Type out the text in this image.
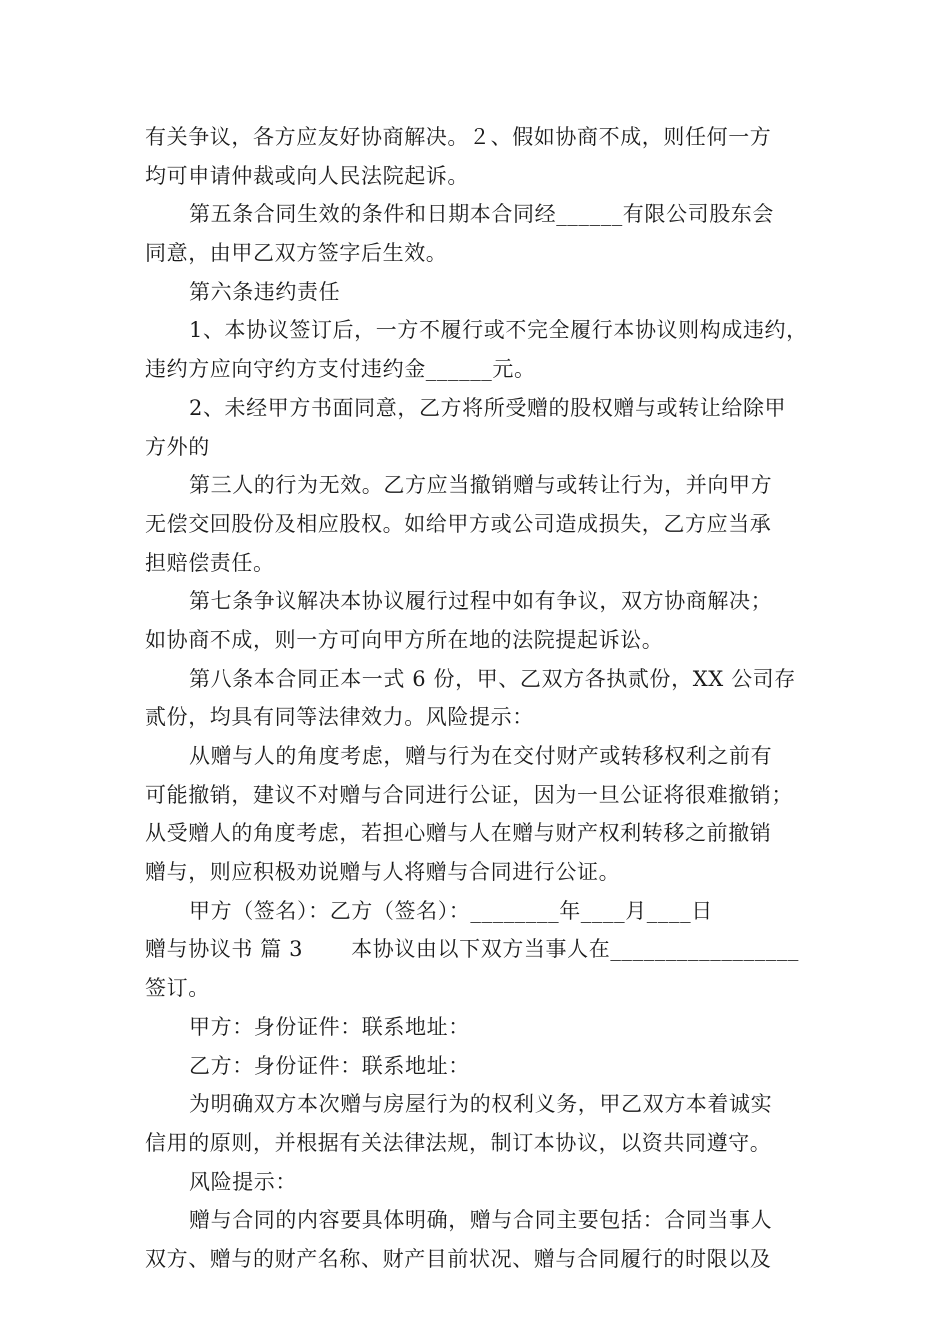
有关争议，各方应友好协商解决。２、假如协商不成，则任何一方
均可申请仲裁或向人民法院起诉。
第五条合同生效的条件和日期本合同经______有限公司股东会
同意，由甲乙双方签字后生效。
第六条违约责任
1、本协议签订后，一方不履行或不完全履行本协议则构成违约，
违约方应向守约方支付违约金______元。
2、未经甲方书面同意，乙方将所受赠的股权赠与或转让给除甲
方外的
第三人的行为无效。乙方应当撤销赠与或转让行为，并向甲方
无偿交回股份及相应股权。如给甲方或公司造成损失，乙方应当承
担赔偿责任。
第七条争议解决本协议履行过程中如有争议，双方协商解决；
如协商不成，则一方可向甲方所在地的法院提起诉讼。
第八条本合同正本一式 6 份，甲、乙双方各执贰份，XX 公司存
贰份，均具有同等法律效力。风险提示：
从赠与人的角度考虑，赠与行为在交付财产或转移权利之前有
可能撤销，建议不对赠与合同进行公证，因为一旦公证将很难撤销；
从受赠人的角度考虑，若担心赠与人在赠与财产权利转移之前撤销
赠与，则应积极劝说赠与人将赠与合同进行公证。
甲方（签名）：乙方（签名）：________年____月____日
赠与协议书 篇 3 本协议由以下双方当事人在_________________
签订。
甲方：身份证件：联系地址：
乙方：身份证件：联系地址：
为明确双方本次赠与房屋行为的权利义务，甲乙双方本着诚实
信用的原则，并根据有关法律法规，制订本协议，以资共同遵守。
风险提示：
赠与合同的内容要具体明确，赠与合同主要包括：合同当事人
双方、赠与的财产名称、财产目前状况、赠与合同履行的时限以及
